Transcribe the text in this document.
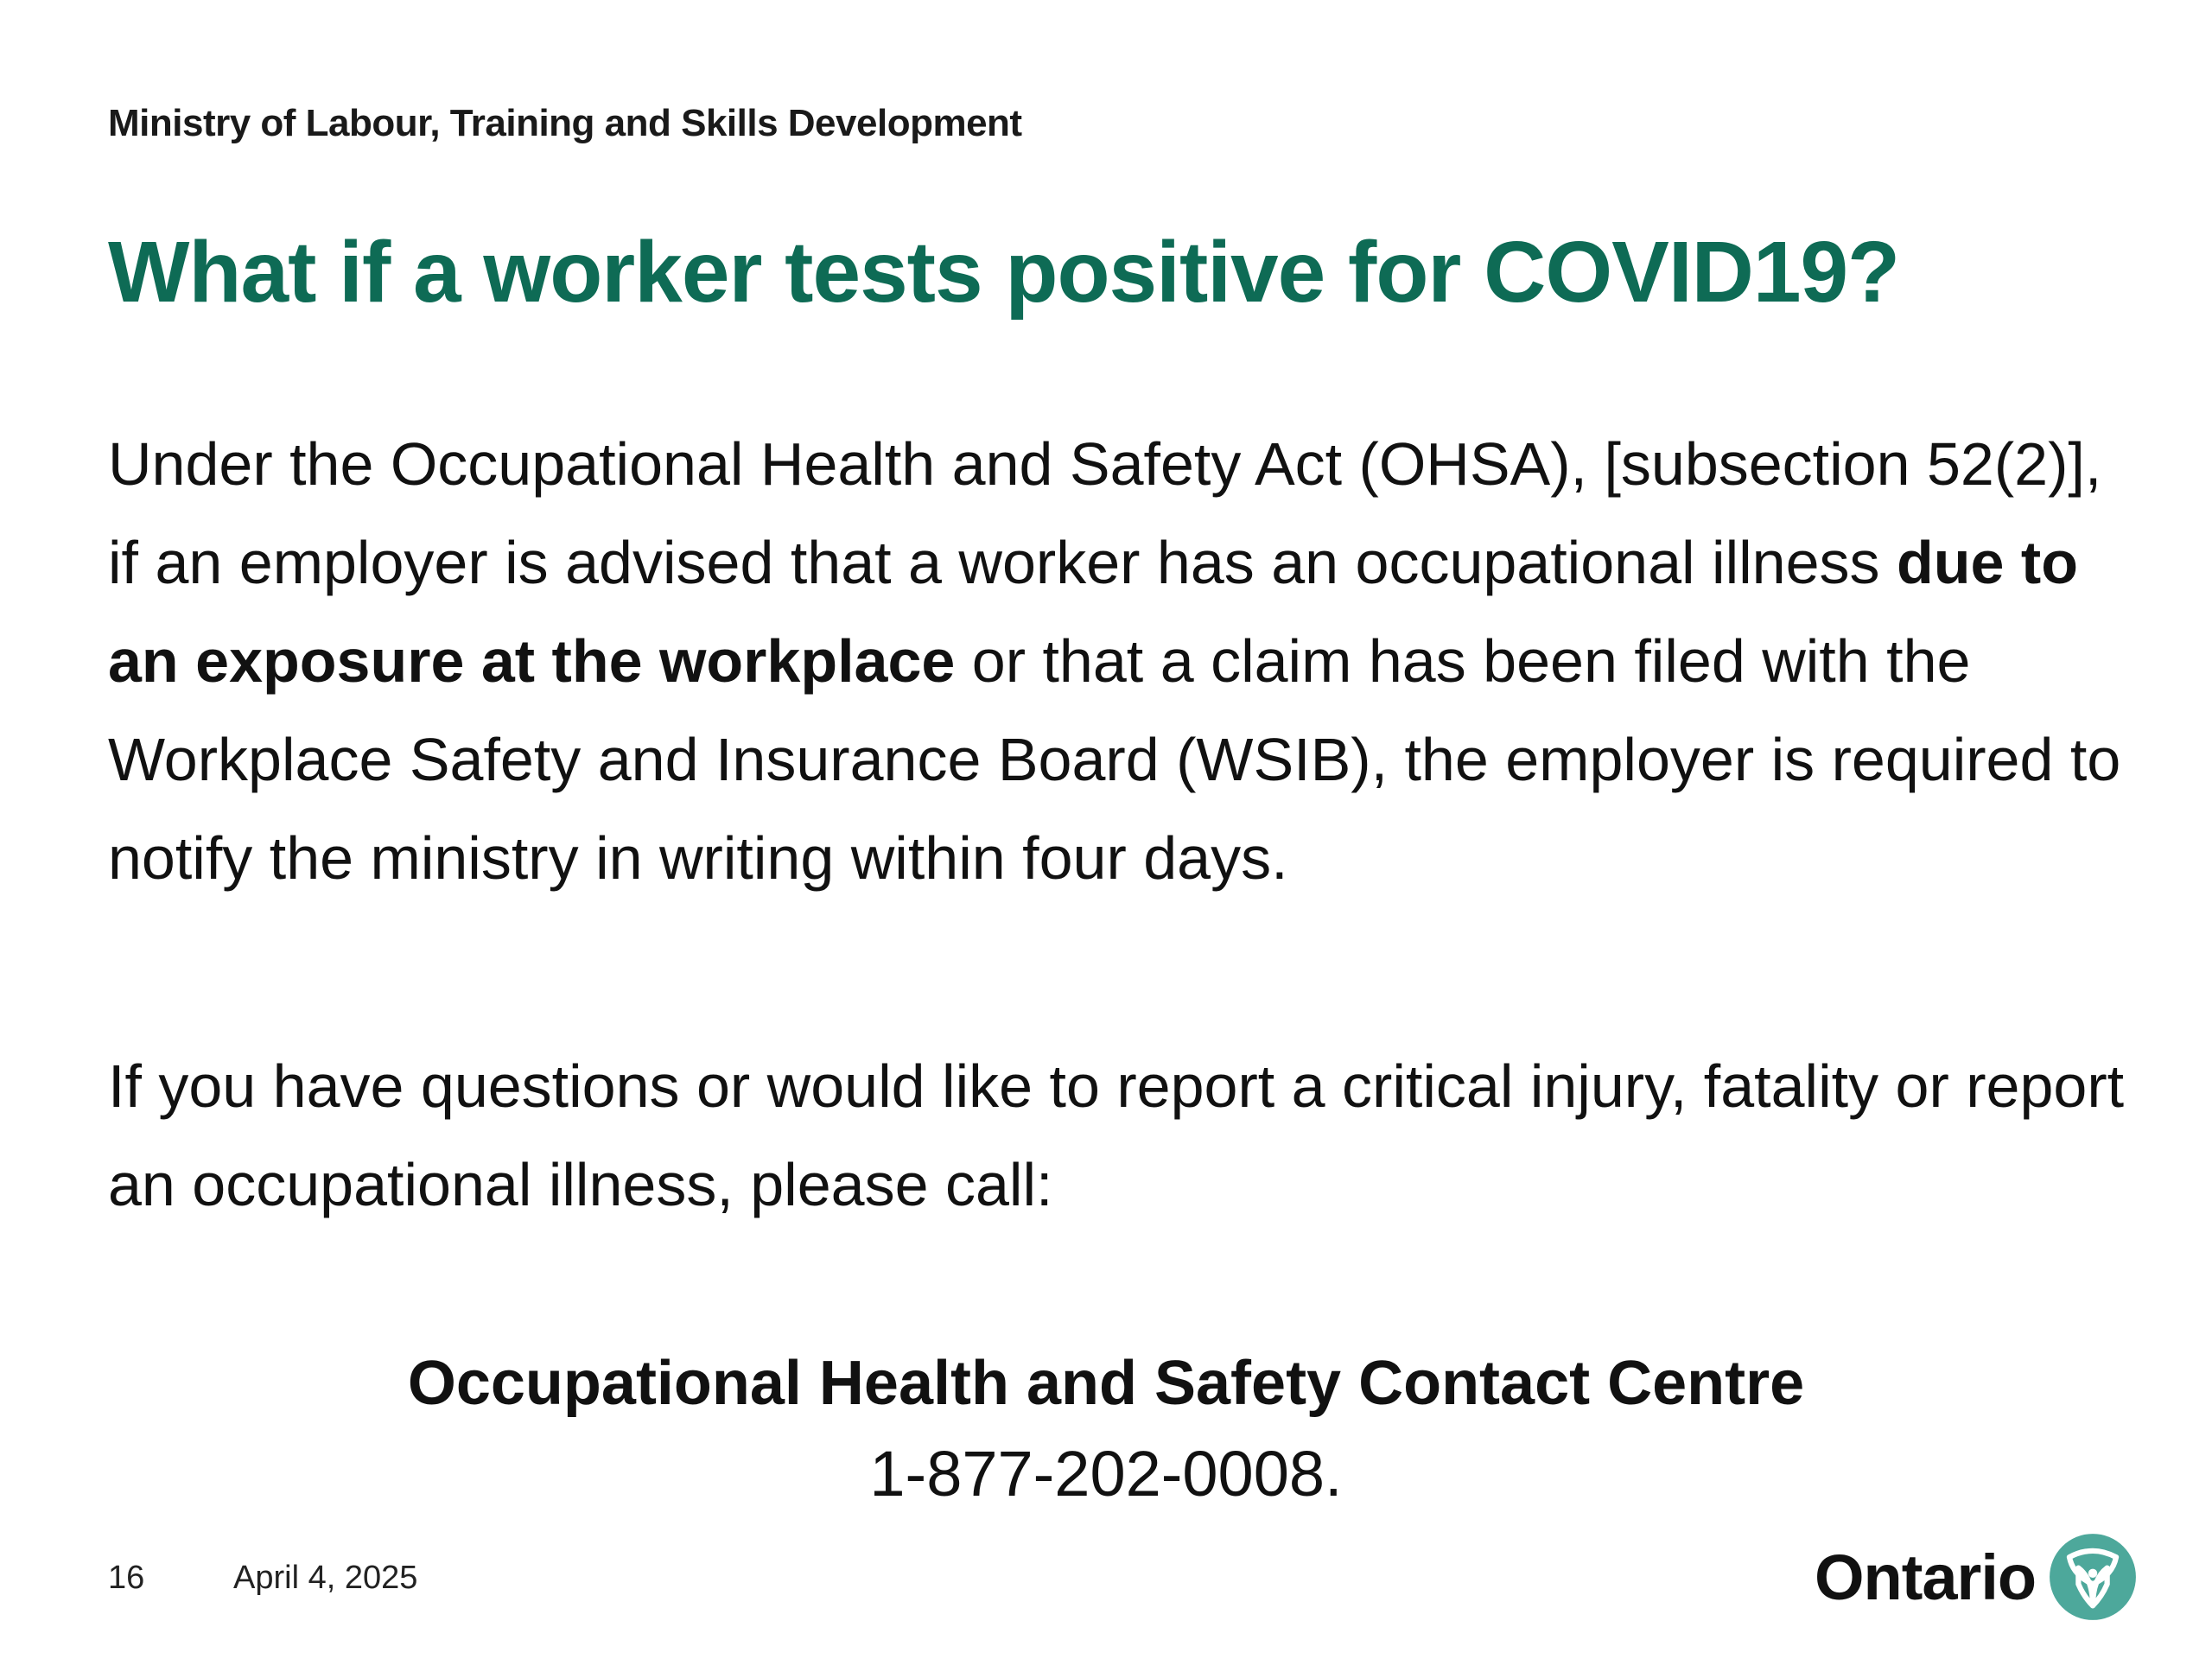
Ministry of Labour, Training and Skills Development
What if a worker tests positive for COVID19?

Under the Occupational Health and Safety Act (OHSA), [subsection 52(2)], if an employer is advised that a worker has an occupational illness due to an exposure at the workplace or that a claim has been filed with the Workplace Safety and Insurance Board (WSIB), the employer is required to notify the ministry in writing within four days.

If you have questions or would like to report a critical injury, fatality or report an occupational illness, please call:

Occupational Health and Safety Contact Centre
1-877-202-0008.
16	April 4, 2025	Ontario
